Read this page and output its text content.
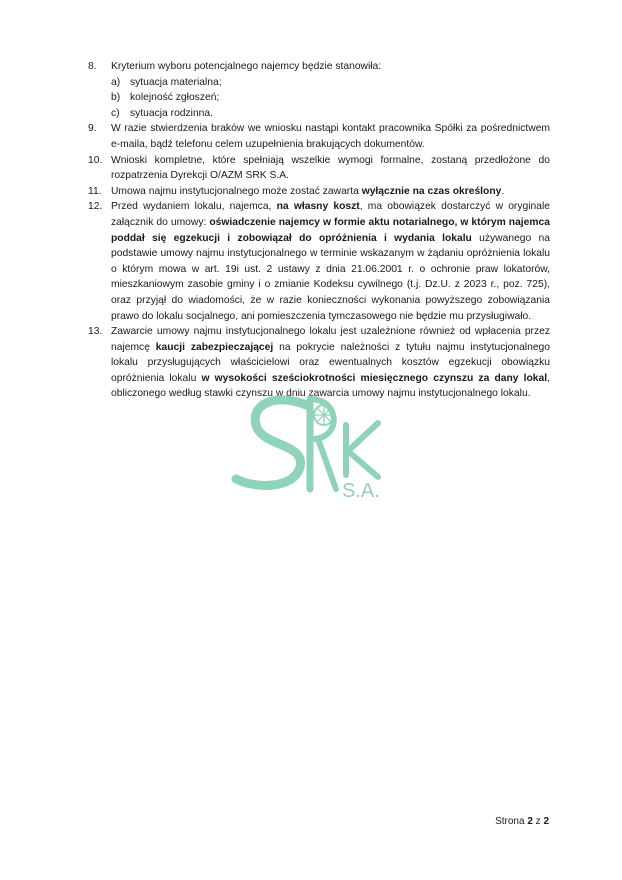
8.	Kryterium wyboru potencjalnego najemcy będzie stanowiła:
a) sytuacja materialna;
b) kolejność zgłoszeń;
c)	sytuacja rodzinna.
9.	W razie stwierdzenia braków we wniosku nastąpi kontakt pracownika Spółki za pośrednictwem e-maila, bądź telefonu celem uzupełnienia brakujących dokumentów.
10. Wnioski kompletne, które spełniają wszelkie wymogi formalne, zostaną przedłożone do rozpatrzenia Dyrekcji O/AZM SRK S.A.
11. Umowa najmu instytucjonalnego może zostać zawarta wyłącznie na czas określony.
12. Przed wydaniem lokalu, najemca, na własny koszt, ma obowiązek dostarczyć w oryginale załącznik do umowy: oświadczenie najemcy w formie aktu notarialnego, w którym najemca poddał się egzekucji i zobowiązał do opróżnienia i wydania lokalu używanego na podstawie umowy najmu instytucjonalnego w terminie wskazanym w żądaniu opróżnienia lokalu o którym mowa w art. 19i ust. 2 ustawy z dnia 21.06.2001 r. o ochronie praw lokatorów, mieszkaniowym zasobie gminy i o zmianie Kodeksu cywilnego (t.j. Dz.U. z 2023 r., poz. 725), oraz przyjął do wiadomości, że w razie konieczności wykonania powyższego zobowiązania prawo do lokalu socjalnego, ani pomieszczenia tymczasowego nie będzie mu przysługiwało.
13. Zawarcie umowy najmu instytucjonalnego lokalu jest uzależnione również od wpłacenia przez najemcę kaucji zabezpieczającej na pokrycie należności z tytułu najmu instytucjonalnego lokalu przysługujących właścicielowi oraz ewentualnych kosztów egzekucji obowiązku opróżnienia lokalu w wysokości sześciokrotności miesięcznego czynszu za dany lokal, obliczonego według stawki czynszu w dniu zawarcia umowy najmu instytucjonalnego lokalu.
S.A.
Strona 2 z 2
